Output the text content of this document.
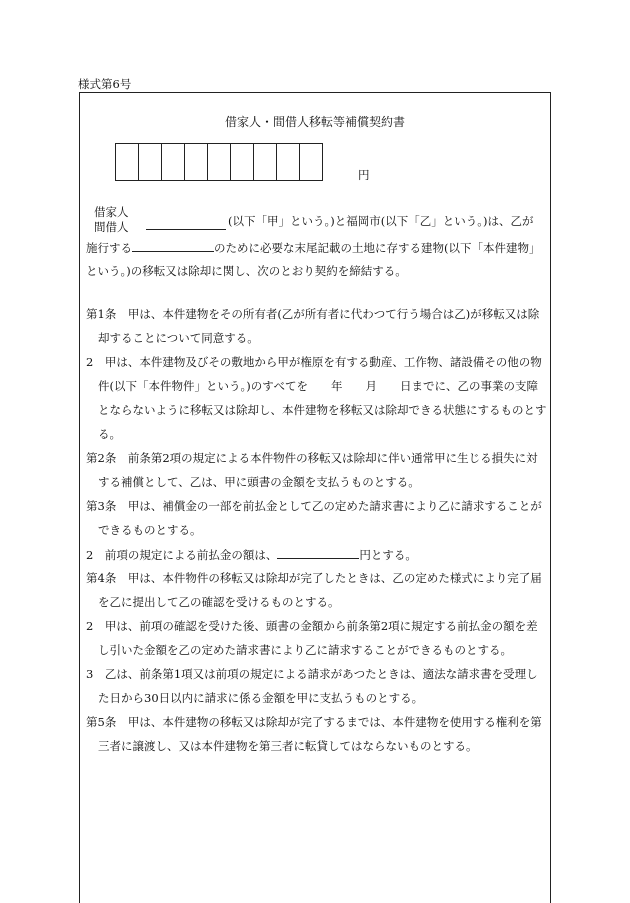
様式第6号
借家人・間借人移転等補償契約書
円
借家人
間借人	(以下「甲」という。)と福岡市(以下「乙」という。)は、乙が
施行する	のために必要な末尾記載の土地に存する建物(以下「本件建物」
という。)の移転又は除却に関し、次のとおり契約を締結する。
第1条　甲は、本件建物をその所有者(乙が所有者に代わつて行う場合は乙)が移転又は除
却することについて同意する。
2　甲は、本件建物及びその敷地から甲が権原を有する動産、工作物、諸設備その他の物
件(以下「本件物件」という。)のすべてを　　年　　月　　日までに、乙の事業の支障
とならないように移転又は除却し、本件建物を移転又は除却できる状態にするものとす
る。
第2条　前条第2項の規定による本件物件の移転又は除却に伴い通常甲に生じる損失に対
する補償として、乙は、甲に頭書の金額を支払うものとする。
第3条　甲は、補償金の一部を前払金として乙の定めた請求書により乙に請求することが
できるものとする。
2　前項の規定による前払金の額は、	円とする。
第4条　甲は、本件物件の移転又は除却が完了したときは、乙の定めた様式により完了届
を乙に提出して乙の確認を受けるものとする。
2　甲は、前項の確認を受けた後、頭書の金額から前条第2項に規定する前払金の額を差
し引いた金額を乙の定めた請求書により乙に請求することができるものとする。
3　乙は、前条第1項又は前項の規定による請求があつたときは、適法な請求書を受理し
た日から30日以内に請求に係る金額を甲に支払うものとする。
第5条　甲は、本件建物の移転又は除却が完了するまでは、本件建物を使用する権利を第
三者に譲渡し、又は本件建物を第三者に転貸してはならないものとする。
